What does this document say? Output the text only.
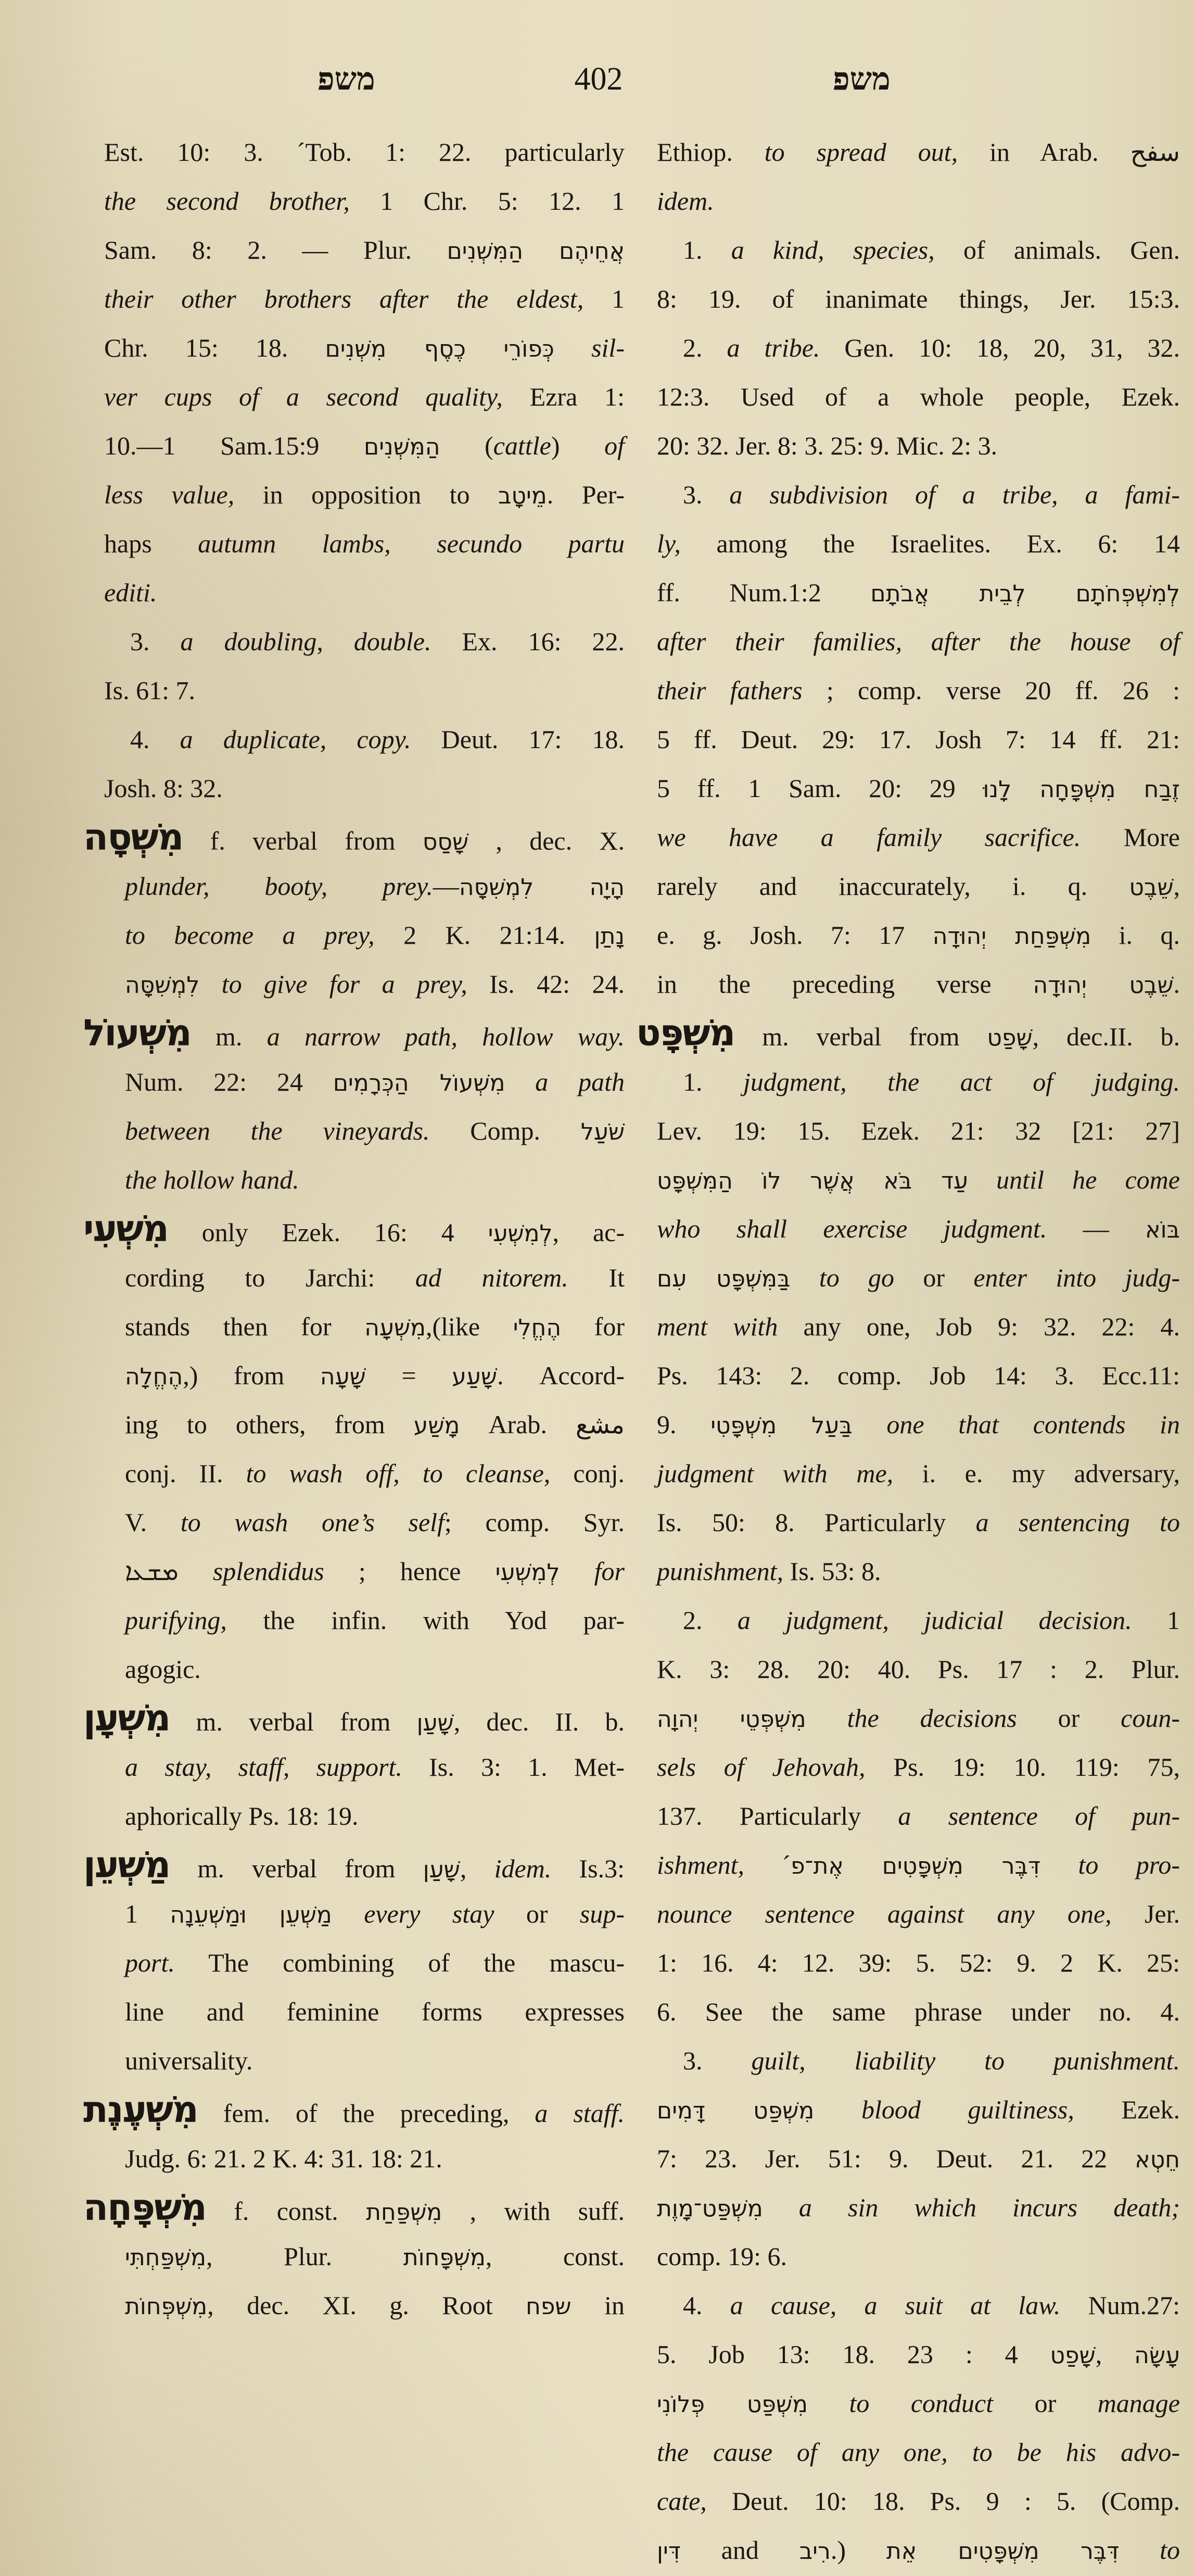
משפ	402	משפ
Est. 10: 3. ´Tob. 1: 22. particularly
the second brother, 1 Chr. 5: 12. 1
Sam. 8: 2. — Plur. אֲחֵיהֶם הַמִּשְׁנִים
their other brothers after the eldest, 1
Chr. 15: 18. כְּפוֹרֵי כֶסֶף מִשְׁנִים sil-
ver cups of a second quality, Ezra 1:
10.—1 Sam.15:9 הַמִּשְׁנִים (cattle) of
less value, in opposition to מֵיטָב. Per-
haps autumn lambs, secundo partu
editi.
3. a doubling, double. Ex. 16: 22.
Is. 61: 7.
4. a duplicate, copy. Deut. 17: 18.
Josh. 8: 32.
מִשְׁסָה f. verbal from שָׁסַס , dec. X.
plunder, booty, prey.—הָיָה לִמְשִׁסָּה
to become a prey, 2 K. 21:14. נָתַן
לִמְשִׁסָּה to give for a prey, Is. 42: 24.
מִשְׁעוֹל m. a narrow path, hollow way.
Num. 22: 24 מִשְׁעוֹל הַכְּרָמִים a path
between the vineyards. Comp. שֹׁעַל
the hollow hand.
מִשְׁעִי only Ezek. 16: 4 לְמִשְׁעִי, ac-
cording to Jarchi: ad nitorem. It
stands then for מִשְׁעָה,(like הֶחֱלִי for
הֶחֱלָה,) from שָׁעָה = שָׁעַע. Accord-
ing to others, from מָשַׁע Arab. مشع
conj. II. to wash off, to cleanse, conj.
V. to wash one’s self; comp. Syr.
ܡܫܥܐ splendidus ; hence לְמִשְׁעִי for
purifying, the infin. with Yod par-
agogic.
מִשְׁעָן m. verbal from שָׁעַן, dec. II. b.
a stay, staff, support. Is. 3: 1. Met-
aphorically Ps. 18: 19.
מַשְׁעֵן m. verbal from שָׁעַן, idem. Is.3:
1 מַשְׁעֵן וּמַשְׁעֵנָה every stay or sup-
port. The combining of the mascu-
line and feminine forms expresses
universality.
מִשְׁעֶנֶת fem. of the preceding, a staff.
Judg. 6: 21. 2 K. 4: 31. 18: 21.
מִשְׁפָּחָה f. const. מִשְׁפַּחַת , with suff.
מִשְׁפַּחְתִּי, Plur. מִשְׁפָּחוֹת, const.
מִשְׁפְּחוֹת, dec. XI. g. Root שפח in
Ethiop. to spread out, in Arab. سفح
idem.
1. a kind, species, of animals. Gen.
8: 19. of inanimate things, Jer. 15:3.
2. a tribe. Gen. 10: 18, 20, 31, 32.
12:3. Used of a whole people, Ezek.
20: 32. Jer. 8: 3. 25: 9. Mic. 2: 3.
3. a subdivision of a tribe, a fami-
ly, among the Israelites. Ex. 6: 14
ff. Num.1:2 לְמִשְׁפְּחֹתָם לְבֵית אֲבֹתָם
after their families, after the house of
their fathers ; comp. verse 20 ff. 26 :
5 ff. Deut. 29: 17. Josh 7: 14 ff. 21:
5 ff. 1 Sam. 20: 29 זֶבַח מִשְׁפָּחָה לָנוּ
we have a family sacrifice. More
rarely and inaccurately, i. q. שֵׁבֶט,
e. g. Josh. 7: 17 מִשְׁפַּחַת יְהוּדָה i. q.
in the preceding verse שֵׁבֶט יְהוּדָה.
מִשְׁפָּט m. verbal from שָׁפַט, dec.II. b.
1. judgment, the act of judging.
Lev. 19: 15. Ezek. 21: 32 [21: 27]
עַד בֹּא אֲשֶׁר לוֹ הַמִּשְׁפָּט until he come
who shall exercise judgment. — בּוֹא
בַּמִּשְׁפָּט עִם to go or enter into judg-
ment with any one, Job 9: 32. 22: 4.
Ps. 143: 2. comp. Job 14: 3. Ecc.11:
9. בַּעַל מִשְׁפָּטִי one that contends in
judgment with me, i. e. my adversary,
Is. 50: 8. Particularly a sentencing to
punishment, Is. 53: 8.
2. a judgment, judicial decision. 1
K. 3: 28. 20: 40. Ps. 17 : 2. Plur.
מִשְׁפְּטֵי יְהוָה the decisions or coun-
sels of Jehovah, Ps. 19: 10. 119: 75,
137. Particularly a sentence of pun-
ishment, ´דִּבֶּר מִשְׁפָּטִים אֶת־פ to pro-
nounce sentence against any one, Jer.
1: 16. 4: 12. 39: 5. 52: 9. 2 K. 25:
6. See the same phrase under no. 4.
3. guilt, liability to punishment.
מִשְׁפַּט דָּמִים blood guiltiness, Ezek.
7: 23. Jer. 51: 9. Deut. 21. 22 חֵטְא
מִשְׁפַּט־מָוֶת a sin which incurs death;
comp. 19: 6.
4. a cause, a suit at law. Num.27:
5. Job 13: 18. 23 : 4 שָׁפַט, עָשָׂה
מִשְׁפַּט פְּלוֹנִי to conduct or manage
the cause of any one, to be his advo-
cate, Deut. 10: 18. Ps. 9 : 5. (Comp.
דִּין and רִיב.) דִּבֶּר מִשְׁפָּטִים אֵת to
